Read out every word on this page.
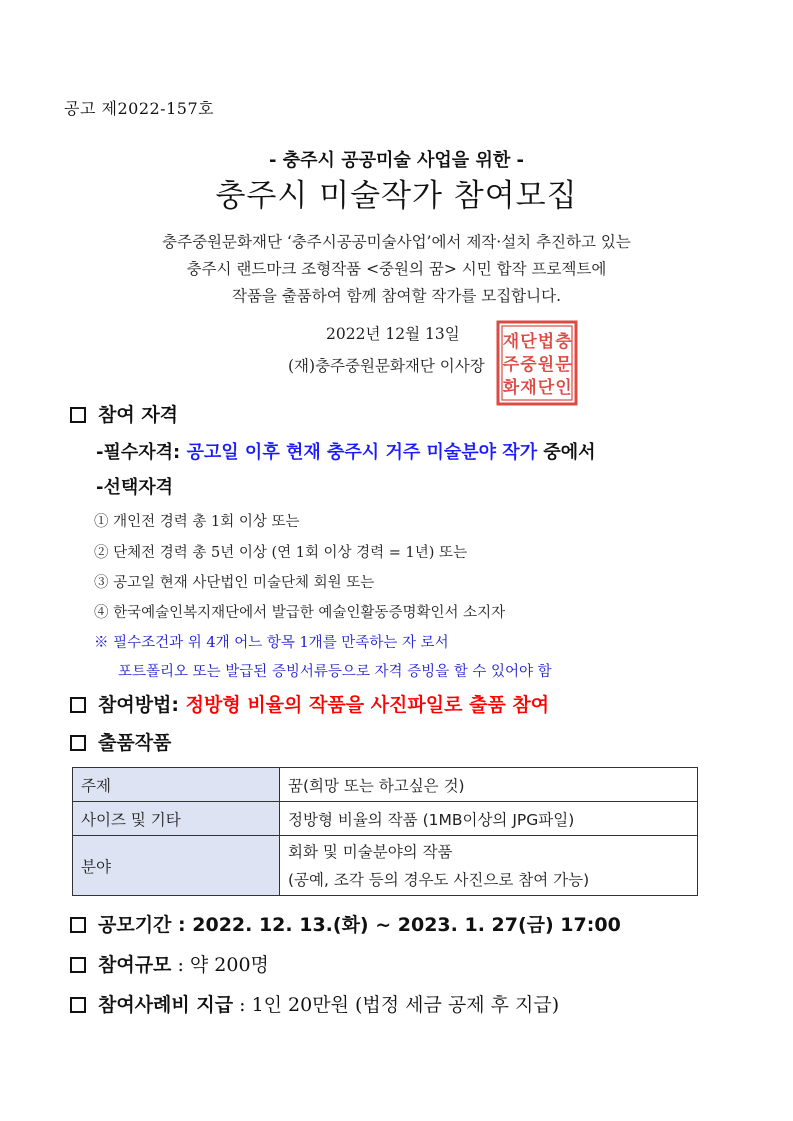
공고 제2022-157호
- 충주시 공공미술 사업을 위한 -
충주시 미술작가 참여모집
충주중원문화재단 ‘충주시공공미술사업’에서 제작·설치 추진하고 있는
충주시 랜드마크 조형작품 <중원의 꿈> 시민 합작 프로젝트에
작품을 출품하여 함께 참여할 작가를 모집합니다.
2022년 12월 13일
(재)충주중원문화재단 이사장
재 단 법 충
주 중 원 문
화 재 단 인
참여 자격
-필수자격: 공고일 이후 현재 충주시 거주 미술분야 작가 중에서
-선택자격
① 개인전 경력 총 1회 이상 또는
② 단체전 경력 총 5년 이상 (연 1회 이상 경력 = 1년) 또는
③ 공고일 현재 사단법인 미술단체 회원 또는
④ 한국예술인복지재단에서 발급한 예술인활동증명확인서 소지자
※ 필수조건과 위 4개 어느 항목 1개를 만족하는 자 로서
포트폴리오 또는 발급된 증빙서류등으로 자격 증빙을 할 수 있어야 함
참여방법: 정방형 비율의 작품을 사진파일로 출품 참여
출품작품
주제	꿈(희망 또는 하고싶은 것)
사이즈 및 기타	정방형 비율의 작품 (1MB이상의 JPG파일)
분야	회화 및 미술분야의 작품
(공예, 조각 등의 경우도 사진으로 참여 가능)
공모기간 : 2022. 12. 13.(화) ~ 2023. 1. 27(금) 17:00
참여규모 : 약 200명
참여사례비 지급 : 1인 20만원 (법정 세금 공제 후 지급)
